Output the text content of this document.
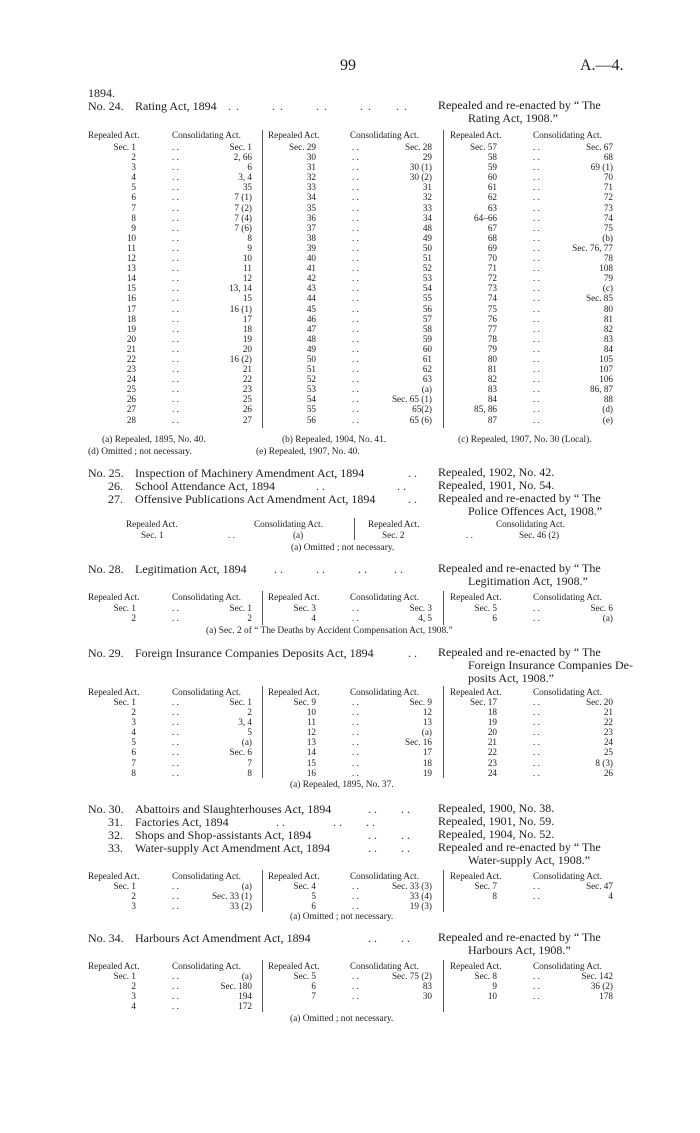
99	A.—4.
1894.
No. 24. Rating Act, 1894 . .        . .        . .        . .      . .	Repealed and re-enacted by “ The
Rating Act, 1908.”
Repealed Act.	Consolidating Act.	Repealed Act.	Consolidating Act.	Repealed Act.	Consolidating Act.
Sec. 1	. .	Sec. 1
2	. .	2, 66
3	. .	6
4	. .	3, 4
5	. .	35
6	. .	7 (1)
7	. .	7 (2)
8	. .	7 (4)
9	. .	7 (6)
10	. .	8
11	. .	9
12	. .	10
13	. .	11
14	. .	12
15	. .	13, 14
16	. .	15
17	. .	16 (1)
18	. .	17
19	. .	18
20	. .	19
21	. .	20
22	. .	16 (2)
23	. .	21
24	. .	22
25	. .	23
26	. .	25
27	. .	26
28	. .	27
Sec. 29	. .	Sec. 28
30	. .	29
31	. .	30 (1)
32	. .	30 (2)
33	. .	31
34	. .	32
35	. .	33
36	. .	34
37	. .	48
38	. .	49
39	. .	50
40	. .	51
41	. .	52
42	. .	53
43	. .	54
44	. .	55
45	. .	56
46	. .	57
47	. .	58
48	. .	59
49	. .	60
50	. .	61
51	. .	62
52	. .	63
53	. .	(a)
54	. .	Sec. 65 (1)
55	. .	65(2)
56	. .	65 (6)
Sec. 57	. .	Sec. 67
58	. .	68
59	. .	69 (1)
60	. .	70
61	. .	71
62	. .	72
63	. .	73
64–66	. .	74
67	. .	75
68	. .	(b)
69	. .	Sec. 76, 77
70	. .	78
71	. .	108
72	. .	79
73	. .	(c)
74	. .	Sec. 85
75	. .	80
76	. .	81
77	. .	82
78	. .	83
79	. .	84
80	. .	105
81	. .	107
82	. .	106
83	. .	86, 87
84	. .	88
85, 86	. .	(d)
87	. .	(e)
(a) Repealed, 1895, No. 40.	(b) Repealed, 1904, No. 41.	(c) Repealed, 1907, No. 30 (Local).
(d) Omitted ; not necessary.	(e) Repealed, 1907, No. 40.
No. 25. Inspection of Machinery Amendment Act, 1894	. . Repealed, 1902, No. 42.
26. School Attendance Act, 1894	. .                        . .	Repealed, 1901, No. 54.
27. Offensive Publications Act Amendment Act, 1894	. . Repealed and re-enacted by “ The
Police Offences Act, 1908.”
Repealed Act.	Consolidating Act.	Repealed Act.	Consolidating Act.
Sec. 1	. .	(a)	Sec. 2	. .	Sec. 46 (2)
(a) Omitted ; not necessary.
No. 28. Legitimation Act, 1894 . .           . .           . .         . .	Repealed and re-enacted by “ The
Legitimation Act, 1908.”
Repealed Act.	Consolidating Act.	Repealed Act.	Consolidating Act.	Repealed Act.	Consolidating Act.
Sec. 1	. .	Sec. 1
2	. .	2
Sec. 3	. .	Sec. 3
4	. .	4, 5
Sec. 5	. .	Sec. 6
6	. .	(a)
(a) Sec. 2 of “ The Deaths by Accident Compensation Act, 1908.”
No. 29. Foreign Insurance Companies Deposits Act, 1894	. . Repealed and re-enacted by “ The
Foreign Insurance Companies De-
posits Act, 1908.”
Repealed Act.	Consolidating Act.	Repealed Act.	Consolidating Act.	Repealed Act.	Consolidating Act.
Sec. 1	. .	Sec. 1
2	. .	2
3	. .	3, 4
4	. .	5
5	. .	(a)
6	. .	Sec. 6
7	. .	7
8	. .	8
Sec. 9	. .	Sec. 9
10	. .	12
11	. .	13
12	. .	(a)
13	. .	Sec. 16
14	. .	17
15	. .	18
16	. .	19
Sec. 17	. .	Sec. 20
18	. .	21
19	. .	22
20	. .	23
21	. .	24
22	. .	25
23	. .	8 (3)
24	. .	26
(a) Repealed, 1895, No. 37.
No. 30. Abattoirs and Slaughterhouses Act, 1894	. .        . . Repealed, 1900, No. 38.
31. Factories Act, 1894	. .                . .        . .	Repealed, 1901, No. 59.
32. Shops and Shop-assistants Act, 1894	. .        . . Repealed, 1904, No. 52.
33. Water-supply Act Amendment Act, 1894	. .        . . Repealed and re-enacted by “ The
Water-supply Act, 1908.”
Repealed Act.	Consolidating Act.	Repealed Act.	Consolidating Act.	Repealed Act.	Consolidating Act.
Sec. 1	. .	(a)
2	. .	Sec. 33 (1)
3	. .	33 (2)
Sec. 4	. .	Sec. 33 (3)
5	. .	33 (4)
6	. .	19 (3)
Sec. 7	. .	Sec. 47
8	. .	4
(a) Omitted ; not necessary.
No. 34. Harbours Act Amendment Act, 1894	. .        . . Repealed and re-enacted by “ The
Harbours Act, 1908.”
Repealed Act.	Consolidating Act.	Repealed Act.	Consolidating Act.	Repealed Act.	Consolidating Act.
Sec. 1	. .	(a)
2	. .	Sec. 180
3	. .	194
4	. .	172
Sec. 5	. .	Sec. 75 (2)
6	. .	83
7	. .	30
Sec. 8	. .	Sec. 142
9	. .	36 (2)
10	. .	178
(a) Omitted ; not necessary.
